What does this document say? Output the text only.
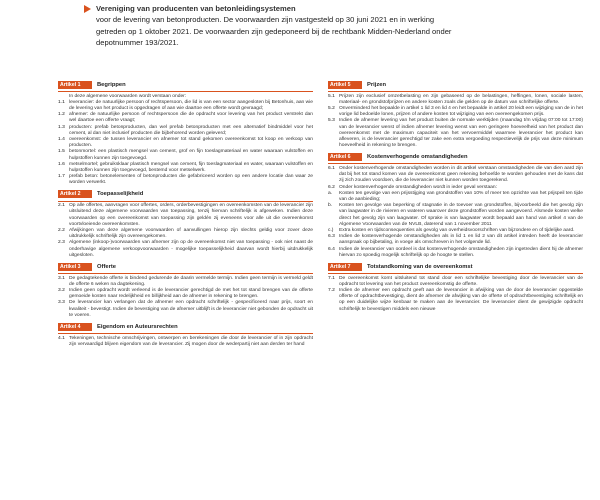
Vereniging van producenten van betonleidingsystemen
voor de levering van betonproducten. De voorwaarden zijn vastgesteld op 30 juni 2021 en in werking
getreden op 1 oktober 2021. De voorwaarden zijn gedeponeerd bij de rechtbank Midden-Nederland onder
depotnummer 193/2021.
Artikel 1	Begrippen
In deze algemene voorwaarden wordt verstaan onder:
1.1 leverancier: de natuurlijke persoon of rechtspersoon, die lid is van een sector aangesloten bij Betonhuis, aan wie de levering van het product is opgedragen of aan wie daartoe een offerte wordt gevraagd;
1.2 afnemer: de natuurlijke persoon of rechtspersoon die de opdracht voor levering van het product verstrekt dan wel daartoe een offerte vraagt;
1.3 producten: prefab betonproducten, dan wel prefab betonproducten met een alternatief bindmiddel voor het cement, al dan niet inclusief producten die bijbehorend worden geleverd;
1.4 overeenkomst: de tussen leverancier en afnemer tot stand gekomen overeenkomst tot koop en verkoop van producten.
1.5 betonmortel: een plastisch mengsel van cement, grof en fijn toeslagmateriaal en water waaraan vulstoffen en hulpstoffen kunnen zijn toegevoegd.
1.6 metselmortel; gebruiksklaar plastisch mengsel van cement, fijn toeslagmateriaal en water, waaraan vulstoffen en hulpstoffen kunnen zijn toegevoegd, bestemd voor metselwerk.
1.7 prefab beton: betonelementen of betonproducten die gefabriceerd worden op een andere locatie dan waar ze worden verwerkt.
Artikel 2	Toepasselijkheid
2.1 Op alle offertes, aanvragen voor offertes, orders, orderbevestigingen en overeenkomsten van de leverancier zijn uitsluitend deze algemene voorwaarden van toepassing, tenzij hiervan schriftelijk is afgeweken. Indien deze voorwaarden op een overeenkomst van toepassing zijn geldén zij eveneens voor alle uit die overeenkomst voortvloeiende overeenkomsten.
2.2 Afwijkingen van deze algemene voorwaarden of aanvullingen hierop zijn slechts geldig voor zover deze uitdrukkelijk schriftelijk zijn overeengekomen.
2.3 Algemene (inkoop-)voorwaarden van afnemer zijn op de overeenkomst niet van toepassing - ook niet naast de onderhavige algemene verkoopvoorwaarden - mogelijke toepasselijkheid daarvan wordt hierbij uitdrukkelijk uitgesloten.
Artikel 3	Offerte
3.1 De gedagtekende offerte is bindend gedurende de daarin vermelde termijn. Indien geen termijn is vermeld geldt de offerte 6 weken na dagtekening.
3.2 Indien geen opdracht wordt verleend is de leverancier gerechtigd de met het tot stand brengen van de offerte gemoeide kosten naar redelijkheid en billijkheid aan de afnemer in rekening te brengen.
3.3 De leverancier kan verlangen dat de afnemer een opdracht schriftelijk - gespecificeerd naar prijs, soort en kwaliteit - bevestigt. Indien de bevestiging van de afnemer uitblijft is de leverancier niet gebonden de opdracht uit te voeren.
Artikel 4	Eigendom en Auteursrechten
4.1 Tekeningen, technische omschrijvingen, ontwerpen en berekeningen die door de leverancier of in zijn opdracht zijn vervaardigd blijven eigendom van de leverancier. Zij mogen door de wederpartij niet aan derden ter hand
Artikel 5	Prijzen
5.1 Prijzen zijn exclusief omzetbelasting en zijn gebaseerd op de belastingen, heffingen, lonen, sociale lasten, materiaal- en grondstofprijzen en andere kosten zoals die gelden op de datum van schriftelijke offerte.
5.2 Onverminderd het bepaalde in artikel 1 lid 3 en lid 4 en het bepaalde in artikel 20 leidt een wijziging van de in het vorige lid bedoelde lonen, prijzen of andere kosten tot wijziging van een overeengekomen prijs.
5.3 Indien de afnemer levering van het product buiten de normale werktijden (maandag t/m vrijdag 07:00 tot 17:00) van de leverancier wenst of indien afnemer levering wenst van een geringere hoeveelheid van het product dan overeenkomst met de maximum capaciteit van het vervoermiddel waarmee leverancier het product kan afleveren, is de leverancier gerechtigd ter zake een extra vergoeding respectievelijk de prijs van deze minimum hoeveelheid in rekening te brengen.
Artikel 6	Kostenverhogende omstandigheden
6.1 Onder kostenverhogende omstandigheden worden in dit artikel verstaan omstandigheden die van dien aard zijn dat bij het tot stand komen van de overeenkomst geen rekening behoefde te worden gehouden met de kans dat zij zich zouden voordoen, die de leverancier niet kunnen worden toegerekend.
6.2 Onder kostenverhogende omstandigheden wordt in ieder geval verstaan:
a.	Kosten ten gevolge van een prijsstijging van grondstoffen van 10% of meer ten opzichte van het prijspeil ten tijde van de aanbieding;
b.	Kosten ten gevolge van beperking of stagnatie in de toevoer van grondstoffen, bijvoorbeeld die het gevolg zijn van laagwater in de rivieren en wateren waarover deze grondstoffen worden aangevoerd. Alsmede kosten welke direct het gevolg zijn van laagwater. Of sprake is van laagwater wordt bepaald aan hand van artikel 4 van de Algemene Voorwaarden van de NVLB, daterend van 1 november 2011
c.)	Extra kosten en tijdsconsequenties als gevolg van overheidsvoorschriften van bijzondere en of tijdelijke aard.
6.3 Indien de kostenverhogende omstandigheden als in lid 1 en lid 2 van dit artikel intreden heeft de leverancier aanspraak op bijbetaling, in voege als omschreven in het volgende lid.
6.4 Indien de leverancier van oordeel is dat kostenverhogende omstandigheden zijn ingetreden dient hij de afnemer hiervan zo spoedig mogelijk schriftelijk op de hoogte te stellen.
Artikel 7	Totstandkoming van de overeenkomst
7.1 De overeenkomst komt uitsluitend tot stand door een schriftelijke bevestiging door de leverancier van de opdracht tot levering van het product overeenkomstig de offerte.
7.2 Indien de afnemer een opdracht geeft aan de leverancier in afwijking van de door de leverancier opgestelde offerte of opdrachtbevestiging, dient de afnemer de afwijking van de offerte of opdrachtbevestiging schriftelijk en op een duidelijke wijze kenbaar te maken aan de leverancier. De leverancier dient de gewijzigde opdracht schriftelijk te bevestigen middels een nieuwe
